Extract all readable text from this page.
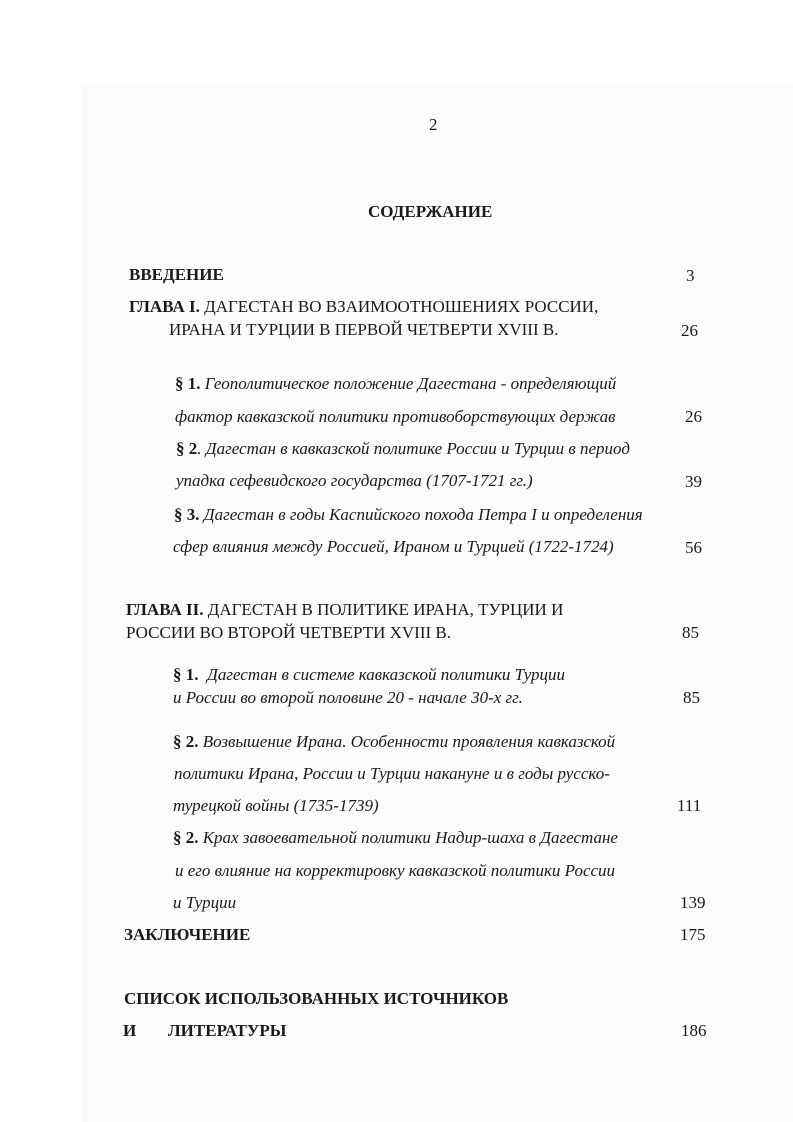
2
СОДЕРЖАНИЕ
ВВЕДЕНИЕ	3
ГЛАВА I. ДАГЕСТАН ВО ВЗАИМООТНОШЕНИЯХ РОССИИ,
ИРАНА И ТУРЦИИ В ПЕРВОЙ ЧЕТВЕРТИ XVIII В.	26
§ 1. Геополитическое положение Дагестана - определяющий
фактор кавказской политики противоборствующих держав	26
§ 2. Дагестан в кавказской политике России и Турции в период
упадка сефевидского государства (1707-1721 гг.)	39
§ 3. Дагестан в годы Каспийского похода Петра I и определения
сфер влияния между Россией, Ираном и Турцией (1722-1724)	56
ГЛАВА II. ДАГЕСТАН В ПОЛИТИКЕ ИРАНА, ТУРЦИИ И
РОССИИ ВО ВТОРОЙ ЧЕТВЕРТИ XVIII В.	85
§ 1. Дагестан в системе кавказской политики Турции
и России во второй половине 20 - начале 30-х гг.	85
§ 2. Возвышение Ирана. Особенности проявления кавказской
политики Ирана, России и Турции накануне и в годы русско-
турецкой войны (1735-1739)	111
§ 2. Крах завоевательной политики Надир-шаха в Дагестане
и его влияние на корректировку кавказской политики России
и Турции	139
ЗАКЛЮЧЕНИЕ	175
СПИСОК ИСПОЛЬЗОВАННЫХ ИСТОЧНИКОВ
И ЛИТЕРАТУРЫ	186
